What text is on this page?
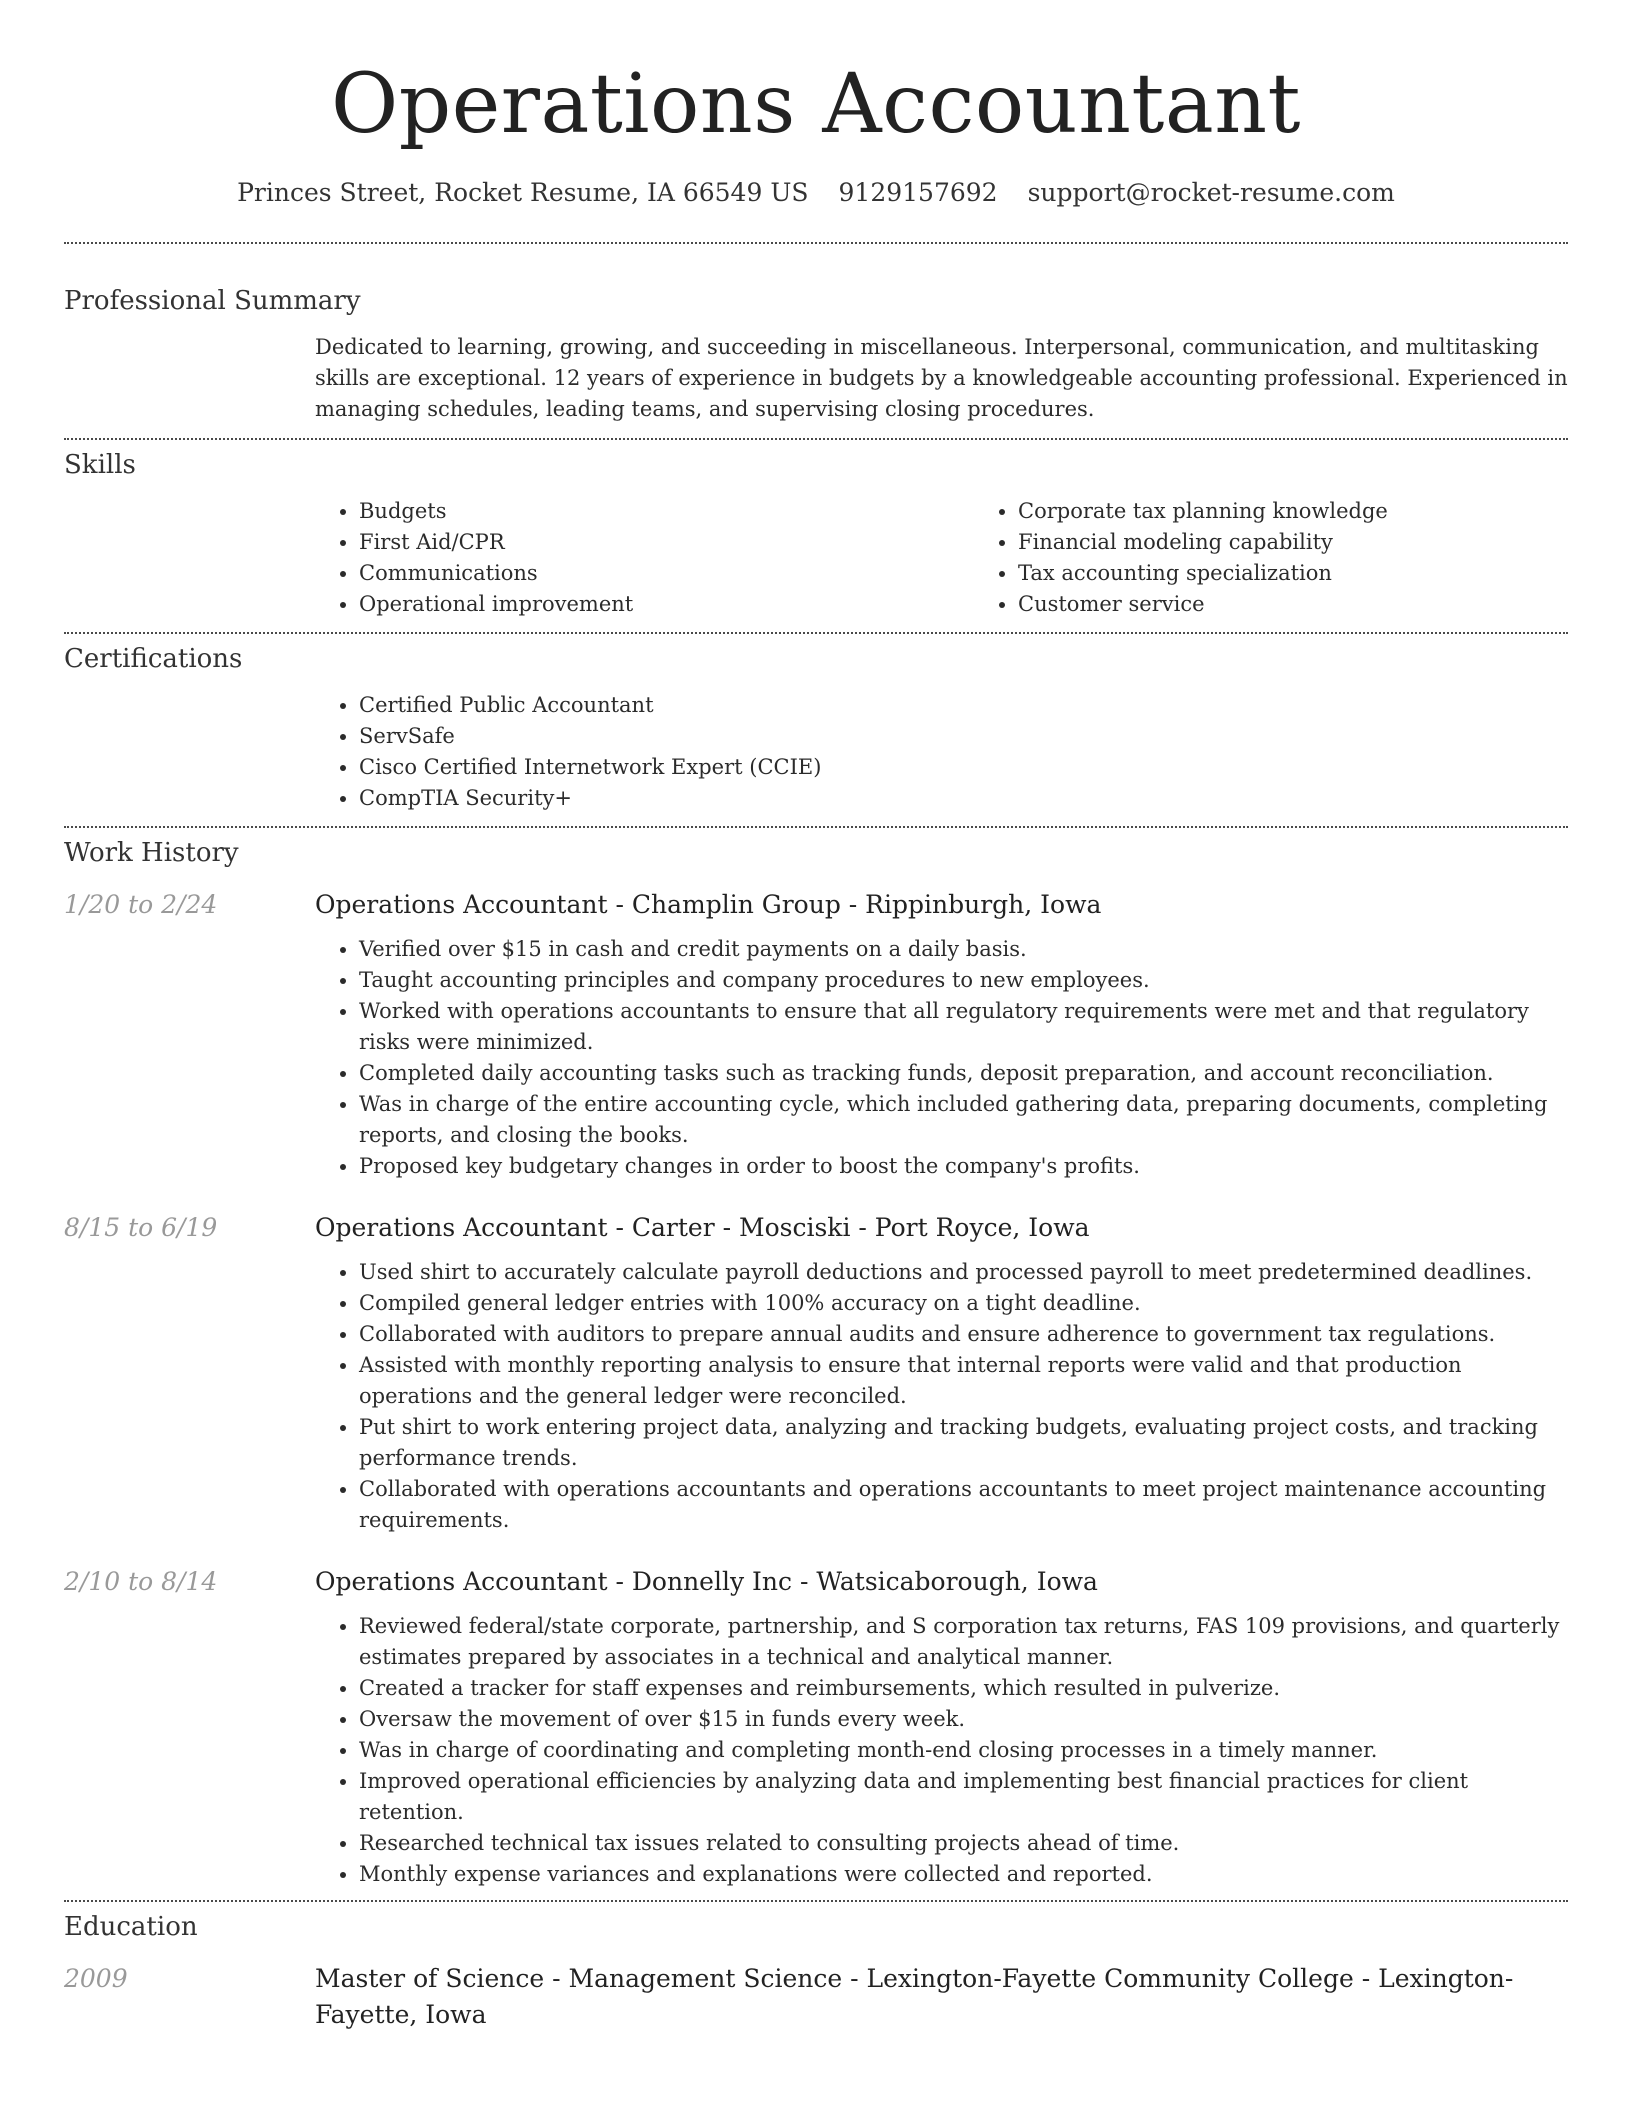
Operations Accountant
Princes Street, Rocket Resume, IA 66549 US 9129157692 support@rocket-resume.com
Professional Summary
Dedicated to learning, growing, and succeeding in miscellaneous. Interpersonal, communication, and multitasking skills are exceptional. 12 years of experience in budgets by a knowledgeable accounting professional. Experienced in managing schedules, leading teams, and supervising closing procedures.
Skills
• Budgets
• First Aid/CPR
• Communications
• Operational improvement
• Corporate tax planning knowledge
• Financial modeling capability
• Tax accounting specialization
• Customer service
Certifications
• Certified Public Accountant
• ServSafe
• Cisco Certified Internetwork Expert (CCIE)
• CompTIA Security+
Work History
1/20 to 2/24	Operations Accountant - Champlin Group - Rippinburgh, Iowa
• Verified over $15 in cash and credit payments on a daily basis.
• Taught accounting principles and company procedures to new employees.
• Worked with operations accountants to ensure that all regulatory requirements were met and that regulatory risks were minimized.
• Completed daily accounting tasks such as tracking funds, deposit preparation, and account reconciliation.
• Was in charge of the entire accounting cycle, which included gathering data, preparing documents, completing reports, and closing the books.
• Proposed key budgetary changes in order to boost the company's profits.
8/15 to 6/19	Operations Accountant - Carter - Mosciski - Port Royce, Iowa
• Used shirt to accurately calculate payroll deductions and processed payroll to meet predetermined deadlines.
• Compiled general ledger entries with 100% accuracy on a tight deadline.
• Collaborated with auditors to prepare annual audits and ensure adherence to government tax regulations.
• Assisted with monthly reporting analysis to ensure that internal reports were valid and that production operations and the general ledger were reconciled.
• Put shirt to work entering project data, analyzing and tracking budgets, evaluating project costs, and tracking performance trends.
• Collaborated with operations accountants and operations accountants to meet project maintenance accounting requirements.
2/10 to 8/14	Operations Accountant - Donnelly Inc - Watsicaborough, Iowa
• Reviewed federal/state corporate, partnership, and S corporation tax returns, FAS 109 provisions, and quarterly estimates prepared by associates in a technical and analytical manner.
• Created a tracker for staff expenses and reimbursements, which resulted in pulverize.
• Oversaw the movement of over $15 in funds every week.
• Was in charge of coordinating and completing month-end closing processes in a timely manner.
• Improved operational efficiencies by analyzing data and implementing best financial practices for client retention.
• Researched technical tax issues related to consulting projects ahead of time.
• Monthly expense variances and explanations were collected and reported.
Education
2009	Master of Science - Management Science - Lexington-Fayette Community College - Lexington-Fayette, Iowa
